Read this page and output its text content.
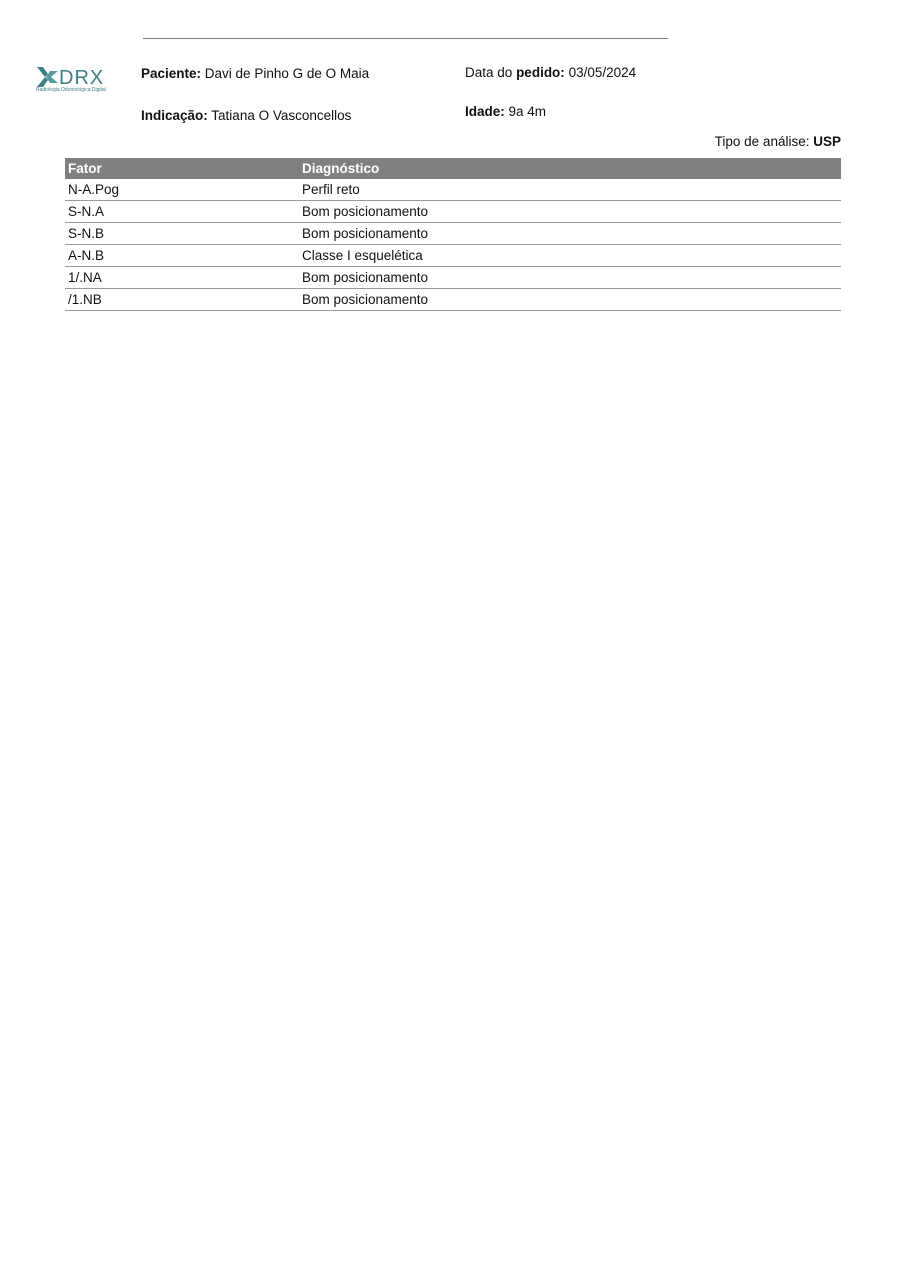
DRX
Radiologia Odontológica Digital
Paciente: Davi de Pinho G de O Maia	Data do pedido: 03/05/2024
Indicação: Tatiana O Vasconcellos	Idade: 9a 4m
Tipo de análise: USP
Fator	Diagnóstico
N-A.Pog	Perfil reto
S-N.A	Bom posicionamento
S-N.B	Bom posicionamento
A-N.B	Classe I esquelética
1/.NA	Bom posicionamento
/1.NB	Bom posicionamento
